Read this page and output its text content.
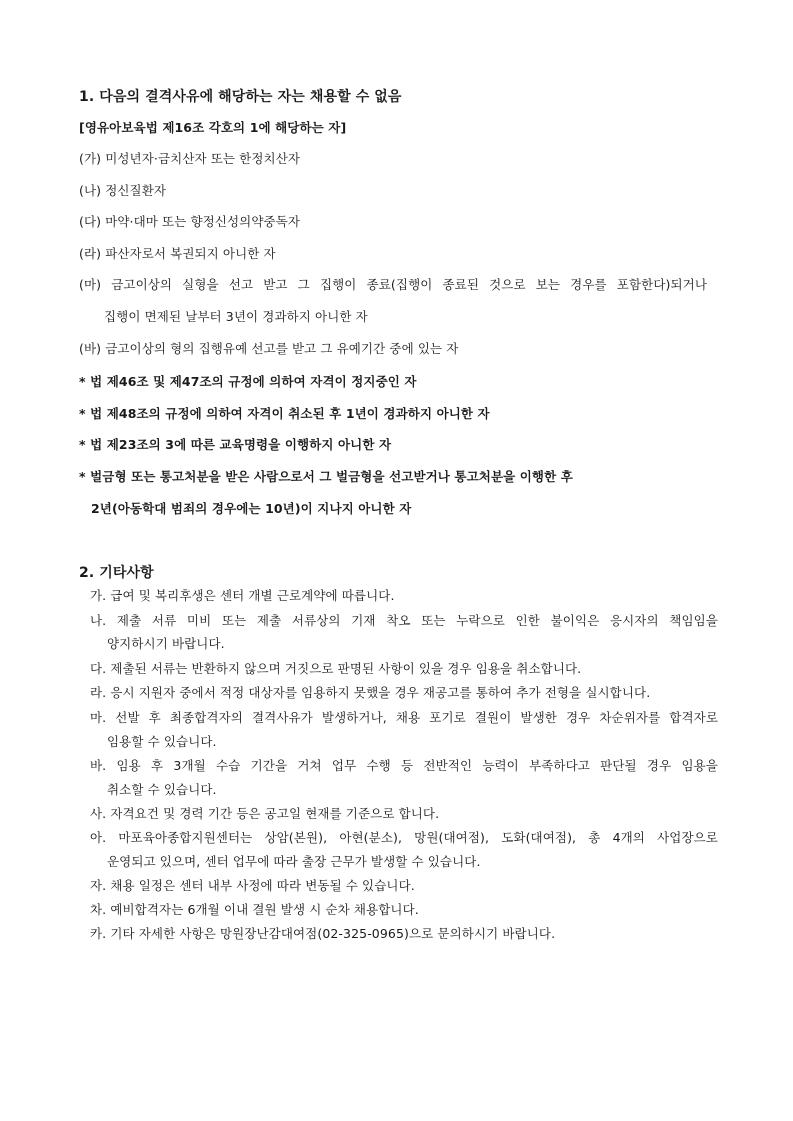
1. 다음의 결격사유에 해당하는 자는 채용할 수 없음
[영유아보육법 제16조 각호의 1에 해당하는 자]
(가) 미성년자·금치산자 또는 한정치산자
(나) 정신질환자
(다) 마약·대마 또는 향정신성의약중독자
(라) 파산자로서 복권되지 아니한 자
(마) 금고이상의 실형을 선고 받고 그 집행이 종료(집행이 종료된 것으로 보는 경우를 포함한다)되거나
집행이 면제된 날부터 3년이 경과하지 아니한 자
(바) 금고이상의 형의 집행유예 선고를 받고 그 유예기간 중에 있는 자
* 법 제46조 및 제47조의 규정에 의하여 자격이 정지중인 자
* 법 제48조의 규정에 의하여 자격이 취소된 후 1년이 경과하지 아니한 자
* 법 제23조의 3에 따른 교육명령을 이행하지 아니한 자
* 벌금형 또는 통고처분을 받은 사람으로서 그 벌금형을 선고받거나 통고처분을 이행한 후
2년(아동학대 범죄의 경우에는 10년)이 지나지 아니한 자
2. 기타사항
가. 급여 및 복리후생은 센터 개별 근로계약에 따릅니다.
나. 제출 서류 미비 또는 제출 서류상의 기재 착오 또는 누락으로 인한 불이익은 응시자의 책임임을
양지하시기 바랍니다.
다. 제출된 서류는 반환하지 않으며 거짓으로 판명된 사항이 있을 경우 임용을 취소합니다.
라. 응시 지원자 중에서 적정 대상자를 임용하지 못했을 경우 재공고를 통하여 추가 전형을 실시합니다.
마. 선발 후 최종합격자의 결격사유가 발생하거나, 채용 포기로 결원이 발생한 경우 차순위자를 합격자로
임용할 수 있습니다.
바. 임용 후 3개월 수습 기간을 거쳐 업무 수행 등 전반적인 능력이 부족하다고 판단될 경우 임용을
취소할 수 있습니다.
사. 자격요건 및 경력 기간 등은 공고일 현재를 기준으로 합니다.
아. 마포육아종합지원센터는 상암(본원), 아현(분소), 망원(대여점), 도화(대여점), 총 4개의 사업장으로
운영되고 있으며, 센터 업무에 따라 출장 근무가 발생할 수 있습니다.
자. 채용 일정은 센터 내부 사정에 따라 변동될 수 있습니다.
차. 예비합격자는 6개월 이내 결원 발생 시 순차 채용합니다.
카. 기타 자세한 사항은 망원장난감대여점(02-325-0965)으로 문의하시기 바랍니다.
